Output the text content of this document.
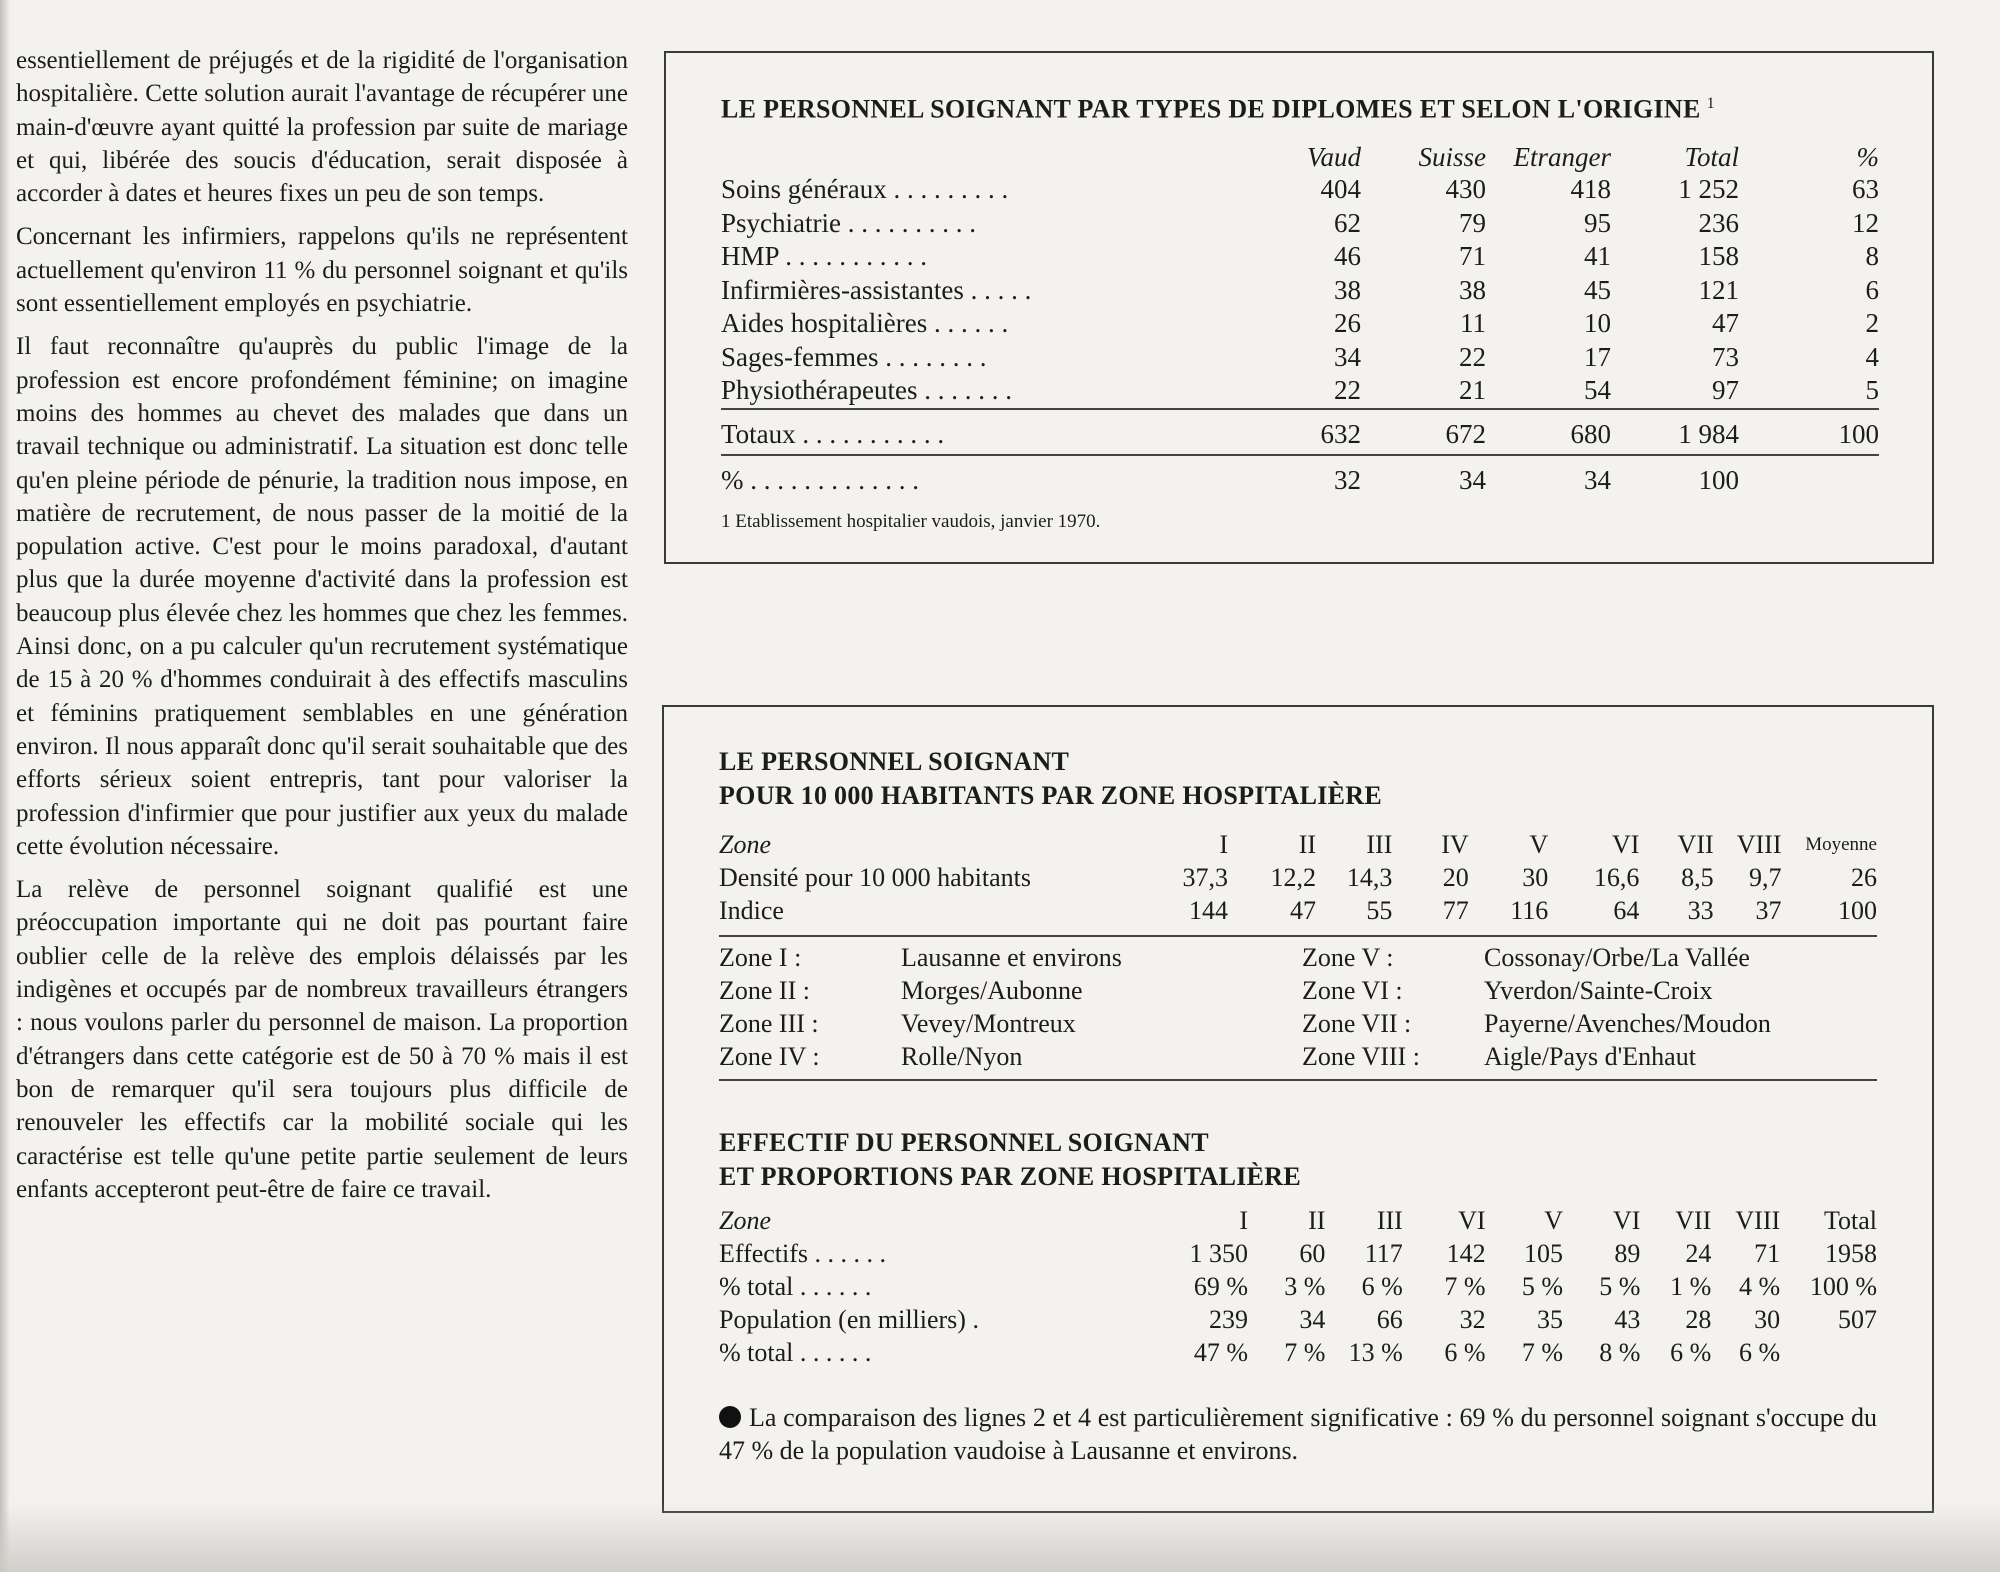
essentiellement de préjugés et de la rigidité de l'organisation hospitalière. Cette solution aurait l'avantage de récupérer une main-d'œuvre ayant quitté la profession par suite de mariage et qui, libérée des soucis d'éducation, serait disposée à accorder à dates et heures fixes un peu de son temps.

Concernant les infirmiers, rappelons qu'ils ne représentent actuellement qu'environ 11 % du personnel soignant et qu'ils sont essentiellement employés en psychiatrie.

Il faut reconnaître qu'auprès du public l'image de la profession est encore profondément féminine; on imagine moins des hommes au chevet des malades que dans un travail technique ou administratif. La situation est donc telle qu'en pleine période de pénurie, la tradition nous impose, en matière de recrutement, de nous passer de la moitié de la population active. C'est pour le moins paradoxal, d'autant plus que la durée moyenne d'activité dans la profession est beaucoup plus élevée chez les hommes que chez les femmes. Ainsi donc, on a pu calculer qu'un recrutement systématique de 15 à 20 % d'hommes conduirait à des effectifs masculins et féminins pratiquement semblables en une génération environ. Il nous apparaît donc qu'il serait souhaitable que des efforts sérieux soient entrepris, tant pour valoriser la profession d'infirmier que pour justifier aux yeux du malade cette évolution nécessaire.

La relève de personnel soignant qualifié est une préoccupation importante qui ne doit pas pourtant faire oublier celle de la relève des emplois délaissés par les indigènes et occupés par de nombreux travailleurs étrangers : nous voulons parler du personnel de maison. La proportion d'étrangers dans cette catégorie est de 50 à 70 % mais il est bon de remarquer qu'il sera toujours plus difficile de renouveler les effectifs car la mobilité sociale qui les caractérise est telle qu'une petite partie seulement de leurs enfants accepteront peut-être de faire ce travail.

LE PERSONNEL SOIGNANT PAR TYPES DE DIPLOMES ET SELON L'ORIGINE $^1$
	Vaud	Suisse	Etranger	Total	%
Soins généraux . . . . . . . . .	404	430	418	1 252	63
Psychiatrie . . . . . . . . . .	62	79	95	236	12
HMP . . . . . . . . . . .	46	71	41	158	8
Infirmières-assistantes . . . . .	38	38	45	121	6
Aides hospitalières . . . . . .	26	11	10	47	2
Sages-femmes . . . . . . . .	34	22	17	73	4
Physiothérapeutes . . . . . . .	22	21	54	97	5
Totaux . . . . . . . . . . .	632	672	680	1 984	100
% . . . . . . . . . . . . .	32	34	34	100	
1 Etablissement hospitalier vaudois, janvier 1970.
LE PERSONNEL SOIGNANT
POUR 10 000 HABITANTS PAR ZONE HOSPITALIÈRE
Zone	I	II	III	IV	V	VI	VII	VIII	Moyenne
Densité pour 10 000 habitants	37,3	12,2	14,3	20	30	16,6	8,5	9,7	26
Indice	144	47	55	77	116	64	33	37	100
Zone I :	Lausanne et environs	Zone V :	Cossonay/Orbe/La Vallée
Zone II :	Morges/Aubonne	Zone VI :	Yverdon/Sainte-Croix
Zone III :	Vevey/Montreux	Zone VII :	Payerne/Avenches/Moudon
Zone IV :	Rolle/Nyon	Zone VIII : Aigle/Pays d'Enhaut
EFFECTIF DU PERSONNEL SOIGNANT
ET PROPORTIONS PAR ZONE HOSPITALIÈRE
Zone	I	II	III	VI	V	VI	VII	VIII	Total
Effectifs . . . . . .	1 350	60	117	142	105	89	24	71	1958
% total . . . . . .	69 %	3 %	6 %	7 %	5 %	5 %	1 %	4 %	100 %
Population (en milliers) .	239	34	66	32	35	43	28	30	507
% total . . . . . .	47 %	7 %	13 %	6 %	7 %	8 %	6 %	6 %	
La comparaison des lignes 2 et 4 est particulièrement significative : 69 % du personnel soignant s'occupe du 47 % de la population vaudoise à Lausanne et environs.
